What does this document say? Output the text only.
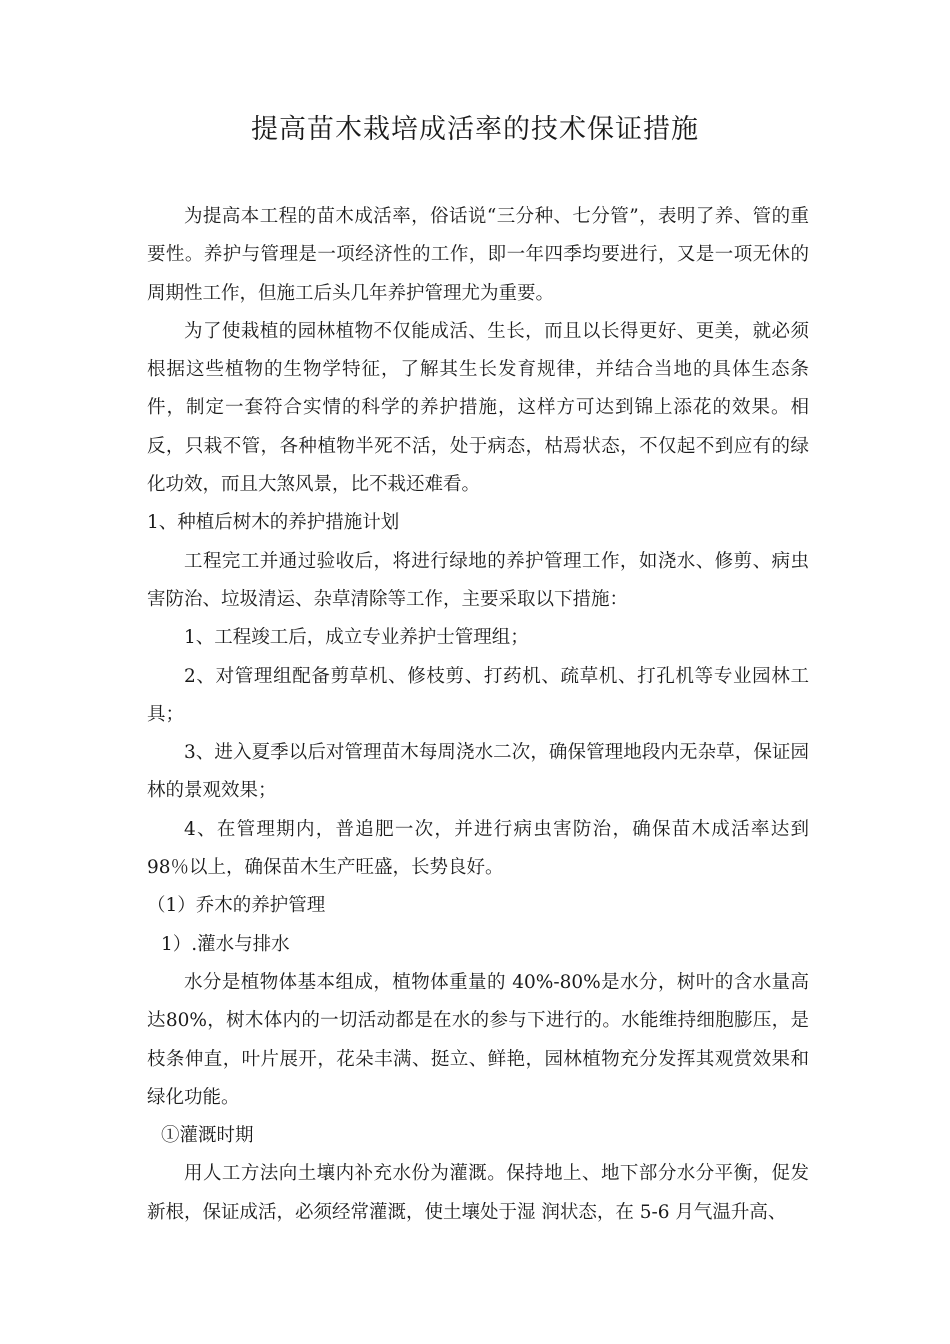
提高苗木栽培成活率的技术保证措施

为提高本工程的苗木成活率，俗话说“三分种、七分管”，表明了养、管的重要性。养护与管理是一项经济性的工作，即一年四季均要进行，又是一项无休的周期性工作，但施工后头几年养护管理尤为重要。

为了使栽植的园林植物不仅能成活、生长，而且以长得更好、更美，就必须根据这些植物的生物学特征，了解其生长发育规律，并结合当地的具体生态条件，制定一套符合实情的科学的养护措施，这样方可达到锦上添花的效果。相反，只栽不管，各种植物半死不活，处于病态，枯焉状态，不仅起不到应有的绿化功效，而且大煞风景，比不栽还难看。

1、种植后树木的养护措施计划

工程完工并通过验收后，将进行绿地的养护管理工作，如浇水、修剪、病虫害防治、垃圾清运、杂草清除等工作，主要采取以下措施：

1、工程竣工后，成立专业养护士管理组；

2、对管理组配备剪草机、修枝剪、打药机、疏草机、打孔机等专业园林工具；

3、进入夏季以后对管理苗木每周浇水二次，确保管理地段内无杂草，保证园林的景观效果；

4、在管理期内，普追肥一次，并进行病虫害防治，确保苗木成活率达到98％以上，确保苗木生产旺盛，长势良好。

（1）乔木的养护管理

1）.灌水与排水

水分是植物体基本组成，植物体重量的 40%-80%是水分，树叶的含水量高达80%，树木体内的一切活动都是在水的参与下进行的。水能维持细胞膨压，是枝条伸直，叶片展开，花朵丰满、挺立、鲜艳，园林植物充分发挥其观赏效果和绿化功能。

①灌溉时期

用人工方法向土壤内补充水份为灌溉。保持地上、地下部分水分平衡，促发新根，保证成活，必须经常灌溉，使土壤处于湿 润状态，在 5-6 月气温升高、
